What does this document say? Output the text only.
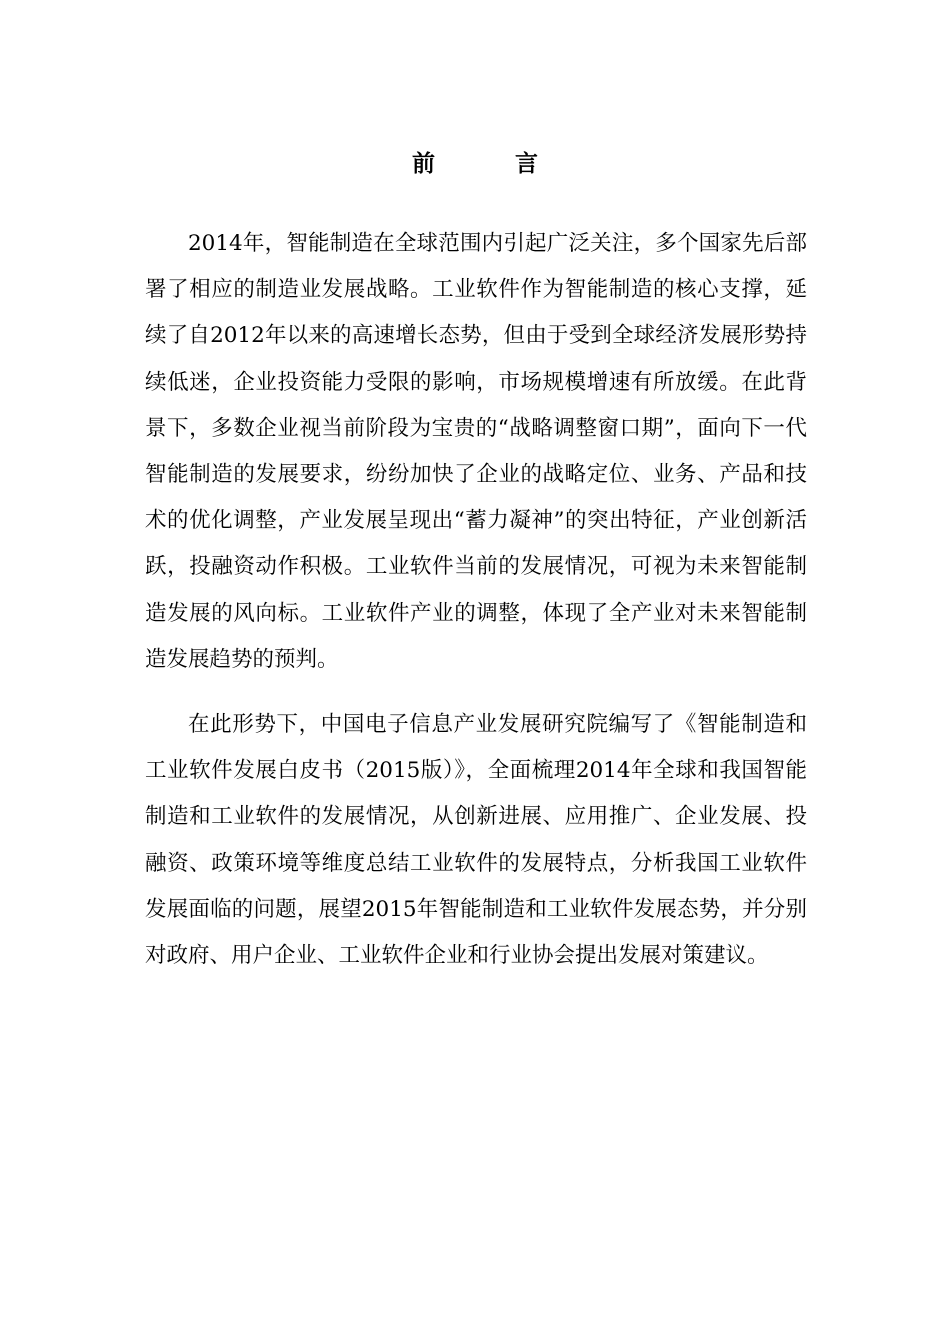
前 言

2014年，智能制造在全球范围内引起广泛关注，多个国家先后部署了相应的制造业发展战略。工业软件作为智能制造的核心支撑，延续了自2012年以来的高速增长态势，但由于受到全球经济发展形势持续低迷，企业投资能力受限的影响，市场规模增速有所放缓。在此背景下，多数企业视当前阶段为宝贵的“战略调整窗口期”，面向下一代智能制造的发展要求，纷纷加快了企业的战略定位、业务、产品和技术的优化调整，产业发展呈现出“蓄力凝神”的突出特征，产业创新活跃，投融资动作积极。工业软件当前的发展情况，可视为未来智能制造发展的风向标。工业软件产业的调整，体现了全产业对未来智能制造发展趋势的预判。

在此形势下，中国电子信息产业发展研究院编写了《智能制造和工业软件发展白皮书（2015版）》，全面梳理2014年全球和我国智能制造和工业软件的发展情况，从创新进展、应用推广、企业发展、投融资、政策环境等维度总结工业软件的发展特点，分析我国工业软件发展面临的问题，展望2015年智能制造和工业软件发展态势，并分别对政府、用户企业、工业软件企业和行业协会提出发展对策建议。
